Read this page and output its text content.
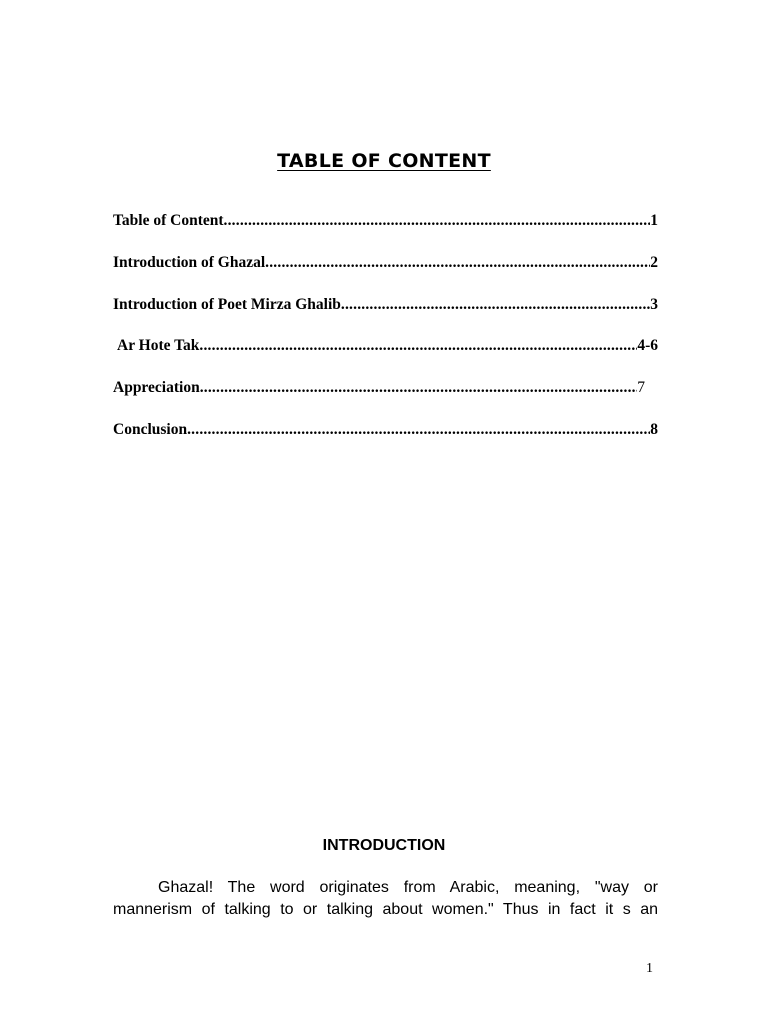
TABLE OF CONTENT
Table of Content .....	1
Introduction of Ghazal .....	2
Introduction of Poet Mirza Ghalib .....	3
Ar Hote Tak .....	4-6
Appreciation .....	7
Conclusion .....	8
INTRODUCTION
Ghazal! The word originates from Arabic, meaning, "way or
mannerism of talking to or talking about women." Thus in fact it s an
1
